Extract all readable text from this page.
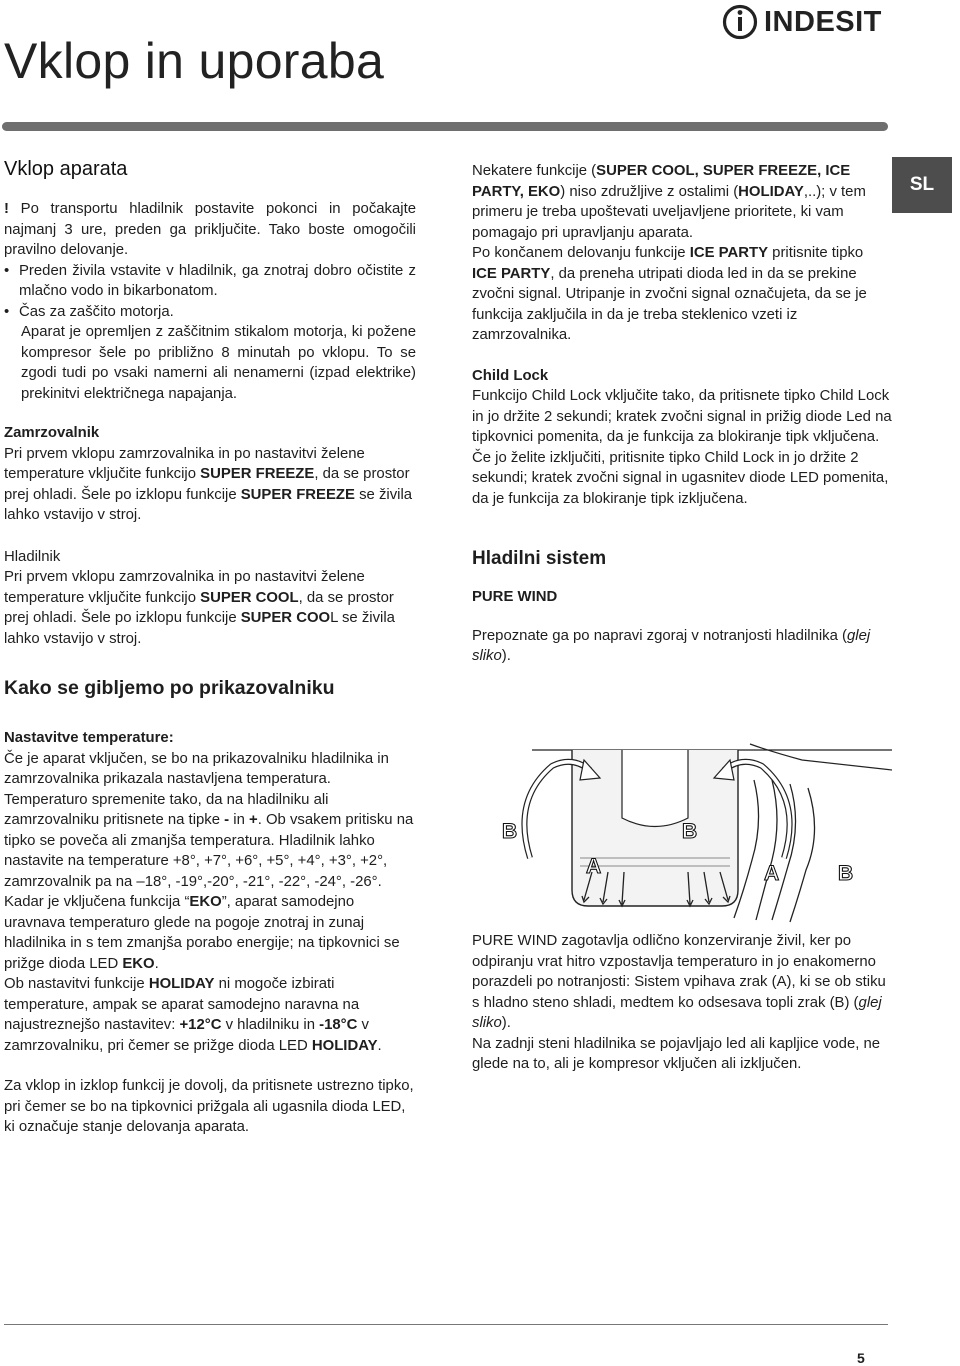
Vklop in uporaba
INDESIT
SL
Vklop aparata

! Po transportu hladilnik postavite pokonci in počakajte najmanj 3 ure, preden ga priključite. Tako boste omogočili pravilno delovanje.

• Preden živila vstavite v hladilnik, ga znotraj dobro očistite z mlačno vodo in bikarbonatom.
• Čas za zaščito motorja.

Aparat je opremljen z zaščitnim stikalom motorja, ki požene kompresor šele po približno 8 minutah po vklopu. To se zgodi tudi po vsaki namerni ali nenamerni (izpad elektrike) prekinitvi električnega napajanja.

Zamrzovalnik

Pri prvem vklopu zamrzovalnika in po nastavitvi želene temperature vključite funkcijo SUPER FREEZE, da se prostor prej ohladi. Šele po izklopu funkcije SUPER FREEZE se živila lahko vstavijo v stroj.

Hladilnik

Pri prvem vklopu zamrzovalnika in po nastavitvi želene temperature vključite funkcijo SUPER COOL, da se prostor prej ohladi. Šele po izklopu funkcije SUPER COOL se živila lahko vstavijo v stroj.

Kako se gibljemo po prikazovalniku
Nastavitve temperature:

Če je aparat vključen, se bo na prikazovalniku hladilnika in zamrzovalnika prikazala nastavljena temperatura. Temperaturo spremenite tako, da na hladilniku ali zamrzovalniku pritisnete na tipke - in +. Ob vsakem pritisku na tipko se poveča ali zmanjša temperatura. Hladilnik lahko nastavite na temperature +8°, +7°, +6°, +5°, +4°, +3°, +2°, zamrzovalnik pa na –18°, -19°,-20°, -21°, -22°, -24°, -26°.

Kadar je vključena funkcija “EKO”, aparat samodejno uravnava temperaturo glede na pogoje znotraj in zunaj hladilnika in s tem zmanjša porabo energije; na tipkovnici se prižge dioda LED EKO.

Ob nastavitvi funkcije HOLIDAY ni mogoče izbirati temperature, ampak se aparat samodejno naravna na najustreznejšo nastavitev: +12°C v hladilniku in -18°C v zamrzovalniku, pri čemer se prižge dioda LED HOLIDAY.

Za vklop in izklop funkcij je dovolj, da pritisnete ustrezno tipko, pri čemer se bo na tipkovnici prižgala ali ugasnila dioda LED, ki označuje stanje delovanja aparata.

Nekatere funkcije (SUPER COOL, SUPER FREEZE, ICE PARTY, EKO) niso združljive z ostalimi (HOLIDAY,..); v tem primeru je treba upoštevati uveljavljene prioritete, ki vam pomagajo pri upravljanju aparata.

Po končanem delovanju funkcije ICE PARTY pritisnite tipko ICE PARTY, da preneha utripati dioda led in da se prekine zvočni signal. Utripanje in zvočni signal označujeta, da se je funkcija zaključila in da je treba steklenico vzeti iz zamrzovalnika.

Child Lock

Funkcijo Child Lock vključite tako, da pritisnete tipko Child Lock in jo držite 2 sekundi; kratek zvočni signal in prižig diode Led na tipkovnici pomenita, da je funkcija za blokiranje tipk vključena. Če jo želite izključiti, pritisnite tipko Child Lock in jo držite 2 sekundi; kratek zvočni signal in ugasnitev diode LED pomenita, da je funkcija za blokiranje tipk izključena.

Hladilni sistem
PURE WIND

Prepoznate ga po napravi zgoraj v notranjosti hladilnika (glej sliko).

B	B
A	A	B

PURE WIND zagotavlja odlično konzerviranje živil, ker po odpiranju vrat hitro vzpostavlja temperaturo in jo enakomerno porazdeli po notranjosti: Sistem vpihava zrak (A), ki se ob stiku s hladno steno shladi, medtem ko odsesava topli zrak (B) (glej sliko).

Na zadnji steni hladilnika se pojavljajo led ali kapljice vode, ne glede na to, ali je kompresor vključen ali izključen.

5
